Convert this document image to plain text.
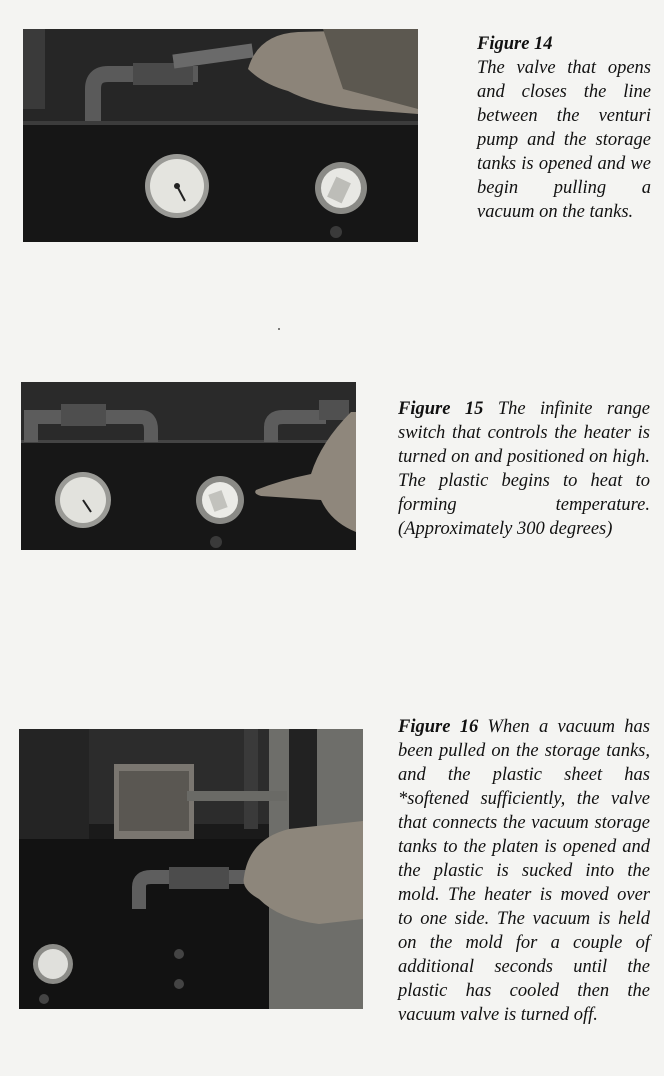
Figure 14
The valve that opens and closes the line between the venturi pump and the storage tanks is opened and we begin pulling a vacuum on the tanks.
Figure 15 The infinite range switch that controls the heater is turned on and positioned on high. The plastic begins to heat to forming temperature. (Approximately 300 degrees)
Figure 16 When a vacuum has been pulled on the storage tanks, and the plastic sheet has *softened sufficiently, the valve that connects the vacuum storage tanks to the platen is opened and the plastic is sucked into the mold. The heater is moved over to one side. The vacuum is held on the mold for a couple of additional seconds until the plastic has cooled then the vacuum valve is turned off.
